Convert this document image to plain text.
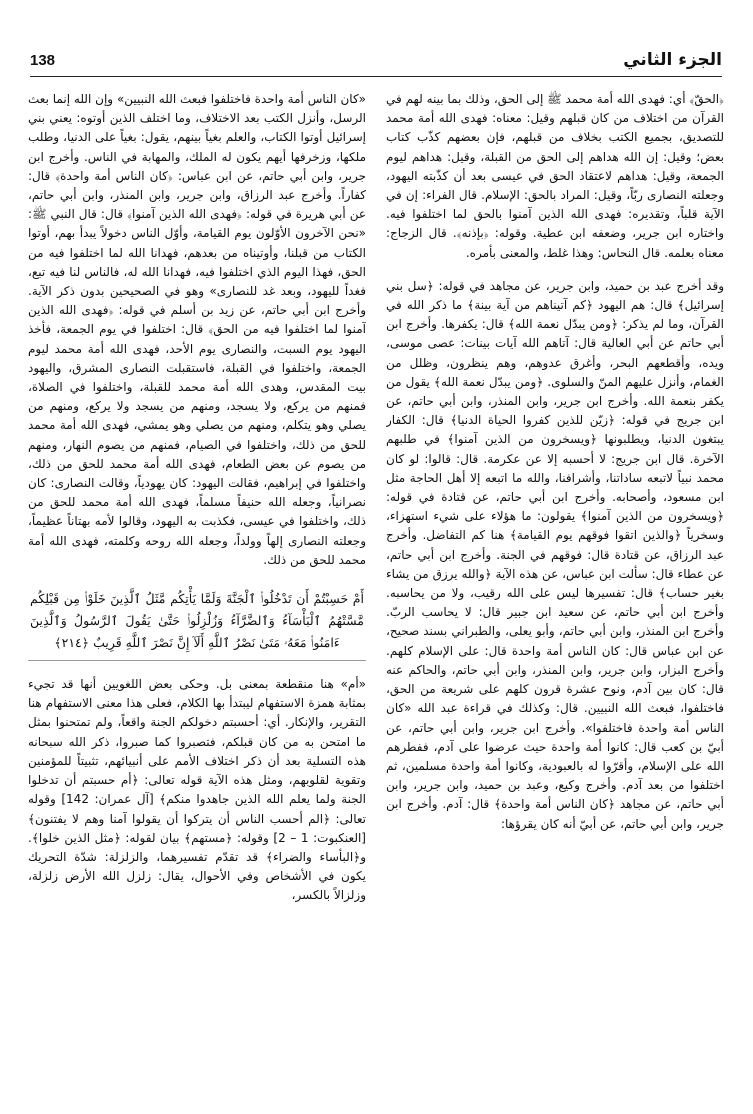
138	الجزء الثاني

﴿الحقّ﴾ أي: فهدى الله أمة محمد ﷺ إلى الحق، وذلك بما بينه لهم في القرآن من اختلاف من كان قبلهم وقيل: معناه: فهدى الله أمة محمد للتصديق، بجميع الكتب بخلاف من قبلهم، فإن بعضهم كذّب كتاب بعض؛ وقيل: إن الله هداهم إلى الحق من القبلة، وقيل: هداهم ليوم الجمعة، وقيل: هداهم لاعتقاد الحق في عيسى بعد أن كذّبته اليهود، وجعلته النصارى ربّاً، وقيل: المراد بالحق: الإسلام. قال الفراء: إن في الآية قلباً، وتقديره: فهدى الله الذين آمنوا بالحق لما اختلفوا فيه. واختاره ابن جرير، وضعفه ابن عطية. وقوله: ﴿بإذنه﴾. قال الزجاج: معناه بعلمه. قال النحاس: وهذا غلط، والمعنى بأمره.

وقد أخرج عبد بن حميد، وابن جرير، عن مجاهد في قوله: ﴿سل بني إسرائيل﴾ قال: هم اليهود ﴿كم آتيناهم من آية بينة﴾ ما ذكر الله في القرآن، وما لم يذكر: ﴿ومن يبدّل نعمة الله﴾ قال: يكفرها. وأخرج ابن أبي حاتم عن أبي العالية قال: آتاهم الله آيات بينات: عصى موسى، ويده، وأقطعهم البحر، وأغرق عدوهم، وهم ينظرون، وظلل من الغمام، وأنزل عليهم المنّ والسلوى. ﴿ومن يبدّل نعمة الله﴾ يقول من يكفر بنعمة الله. وأخرج ابن جرير، وابن المنذر، وابن أبي حاتم، عن ابن جريج في قوله: ﴿زيّن للذين كفروا الحياة الدنيا﴾ قال: الكفار يبتغون الدنيا، ويطلبونها ﴿ويسخرون من الذين آمنوا﴾ في طلبهم الآخرة. قال ابن جريج: لا أحسبه إلا عن عكرمة. قال: قالوا: لو كان محمد نبياً لاتبعه ساداتنا، وأشرافنا، والله ما اتبعه إلا أهل الحاجة مثل ابن مسعود، وأصحابه. وأخرج ابن أبي حاتم، عن قتادة في قوله: ﴿ويسخرون من الذين آمنوا﴾ يقولون: ما هؤلاء على شيء استهزاء، وسخرياً ﴿والذين اتقوا فوقهم يوم القيامة﴾ هنا كم التفاضل. وأخرج عبد الرزاق، عن قتادة قال: فوقهم في الجنة. وأخرج ابن أبي حاتم، عن عطاء قال: سألت ابن عباس، عن هذه الآية ﴿والله يرزق من يشاء بغير حساب﴾ قال: تفسيرها ليس على الله رقيب، ولا من يحاسبه. وأخرج ابن أبي حاتم، عن سعيد ابن جبير قال: لا يحاسب الربّ. وأخرج ابن المنذر، وابن أبي حاتم، وأبو يعلى، والطبراني بسند صحيح، عن ابن عباس قال: كان الناس أمة واحدة قال: على الإسلام كلهم. وأخرج البزار، وابن جرير، وابن المنذر، وابن أبي حاتم، والحاكم عنه قال: كان بين آدم، ونوح عشرة قرون كلهم على شريعة من الحق، فاختلفوا، فبعث الله النبيين. قال: وكذلك في قراءة عبد الله «كان الناس أمة واحدة فاختلفوا». وأخرج ابن جرير، وابن أبي حاتم، عن أبيّ بن كعب قال: كانوا أمة واحدة حيث عرضوا على آدم، ففطرهم الله على الإسلام، وأقرّوا له بالعبودية، وكانوا أمة واحدة مسلمين، ثم اختلفوا من بعد آدم. وأخرج وكيع، وعبد بن حميد، وابن جرير، وابن أبي حاتم، عن مجاهد ﴿كان الناس أمة واحدة﴾ قال: آدم. وأخرج ابن جرير، وابن أبي حاتم، عن أبيّ أنه كان يقرؤها:

«كان الناس أمة واحدة فاختلفوا فبعث الله النبيين» وإن الله إنما بعث الرسل، وأنزل الكتب بعد الاختلاف، وما اختلف الذين أوتوه: يعني بني إسرائيل أوتوا الكتاب، والعلم بغياً بينهم، يقول: بغياً على الدنيا، وطلب ملكها، وزخرفها أيهم يكون له الملك، والمهابة في الناس. وأخرج ابن جرير، وابن أبي حاتم، عن ابن عباس: ﴿كان الناس أمة واحدة﴾ قال: كفاراً. وأخرج عبد الرزاق، وابن جرير، وابن المنذر، وابن أبي حاتم، عن أبي هريرة في قوله: ﴿فهدى الله الذين آمنوا﴾ قال: قال النبي ﷺ: «نحن الآخرون الأوّلون يوم القيامة، وأوّل الناس دخولاً يبدأ بهم، أوتوا الكتاب من قبلنا، وأوتيناه من بعدهم، فهدانا الله لما اختلفوا فيه من الحق، فهذا اليوم الذي اختلفوا فيه، فهدانا الله له، فالناس لنا فيه تبع، فغداً لليهود، وبعد غد للنصارى» وهو في الصحيحين بدون ذكر الآية. وأخرج ابن أبي حاتم، عن زيد بن أسلم في قوله: ﴿فهدى الله الذين آمنوا لما اختلفوا فيه من الحق﴾ قال: اختلفوا في يوم الجمعة، فأخذ اليهود يوم السبت، والنصارى يوم الأحد، فهدى الله أمة محمد ليوم الجمعة، واختلفوا في القبلة، فاستقبلت النصارى المشرق، واليهود بيت المقدس، وهدى الله أمة محمد للقبلة، واختلفوا في الصلاة، فمنهم من يركع، ولا يسجد، ومنهم من يسجد ولا يركع، ومنهم من يصلي وهو يتكلم، ومنهم من يصلي وهو يمشي، فهدى الله أمة محمد للحق من ذلك، واختلفوا في الصيام، فمنهم من يصوم النهار، ومنهم من يصوم عن بعض الطعام، فهدى الله أمة محمد للحق من ذلك، واختلفوا في إبراهيم، فقالت اليهود: كان يهودياً، وقالت النصارى: كان نصرانياً، وجعله الله حنيفاً مسلماً، فهدى الله أمة محمد للحق من ذلك، واختلفوا في عيسى، فكذبت به اليهود، وقالوا لأمه بهتاناً عظيماً، وجعلته النصارى إلهاً وولداً، وجعله الله روحه وكلمته، فهدى الله أمة محمد للحق من ذلك.

أَمْ حَسِبْتُمْ أَن تَدْخُلُوا۟ ٱلْجَنَّةَ وَلَمَّا يَأْتِكُم مَّثَلُ ٱلَّذِينَ خَلَوْا۟ مِن قَبْلِكُم مَّسَّتْهُمُ ٱلْبَأْسَآءُ وَٱلضَّرَّآءُ وَزُلْزِلُوا۟ حَتَّىٰ يَقُولَ ٱلرَّسُولُ وَٱلَّذِينَ ءَامَنُوا۟ مَعَهُۥ مَتَىٰ نَصْرُ ٱللَّهِ أَلَآ إِنَّ نَصْرَ ٱللَّهِ قَرِيبٌ ﴿٢١٤﴾

«أم» هنا منقطعة بمعنى بل. وحكى بعض اللغويين أنها قد تجيء بمثابة همزة الاستفهام ليبتدأ بها الكلام، فعلى هذا معنى الاستفهام هنا التقرير، والإنكار. أي: أحسبتم دخولكم الجنة واقعاً، ولم تمتحنوا بمثل ما امتحن به من كان قبلكم، فتصبروا كما صبروا، ذكر الله سبحانه هذه التسلية بعد أن ذكر اختلاف الأمم على أنبيائهم، تثبيتاً للمؤمنين وتقوية لقلوبهم، ومثل هذه الآية قوله تعالى: ﴿أم حسبتم أن تدخلوا الجنة ولما يعلم الله الذين جاهدوا منكم﴾ [آل عمران: 142] وقوله تعالى: ﴿الم أحسب الناس أن يتركوا أن يقولوا آمنا وهم لا يفتنون﴾ [العنكبوت: 1 – 2] وقوله: ﴿مستهم﴾ بيان لقوله: ﴿مثل الذين خلوا﴾. و﴿البأساء والضراء﴾ قد تقدّم تفسيرهما، والزلزلة: شدّة التحريك يكون في الأشخاص وفي الأحوال، يقال: زلزل الله الأرض زلزلة، وزلزالاً بالكسر،
